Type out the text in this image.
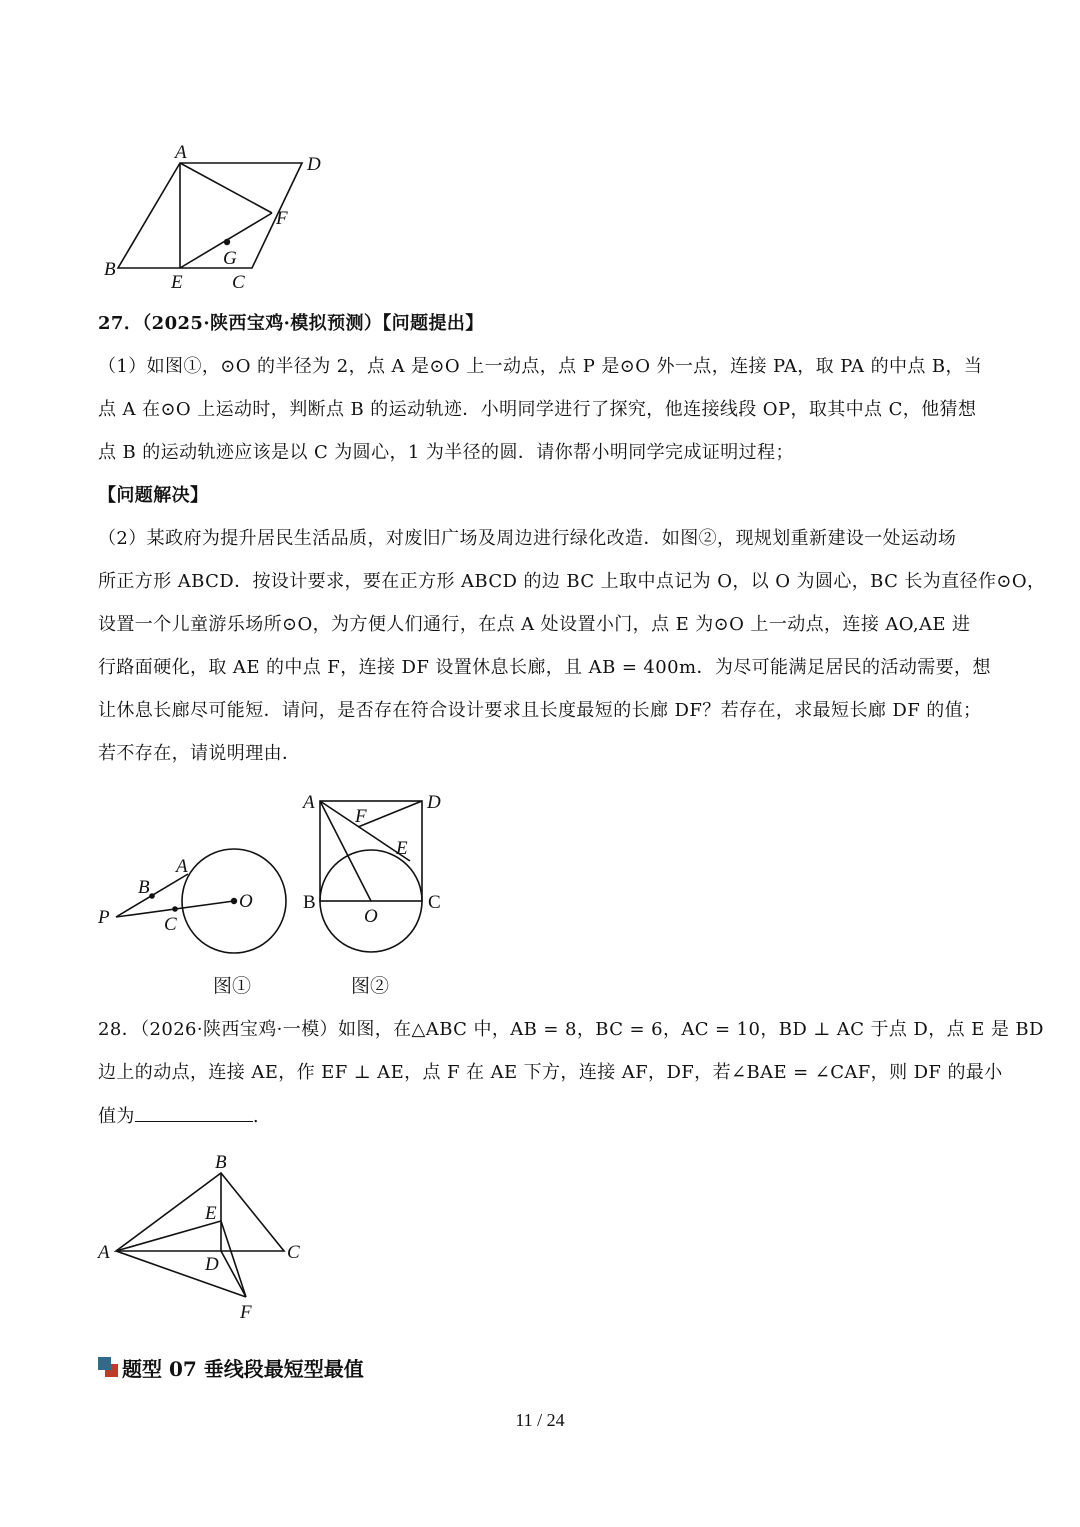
A
D
F
G
B
E	C
27．（2025·陕西宝鸡·模拟预测）【问题提出】
（1）如图①，⊙O 的半径为 2，点 A 是⊙O 上一动点，点 P 是⊙O 外一点，连接 PA，取 PA 的中点 B，当
点 A 在⊙O 上运动时，判断点 B 的运动轨迹．小明同学进行了探究，他连接线段 OP，取其中点 C，他猜想
点 B 的运动轨迹应该是以 C 为圆心，1 为半径的圆．请你帮小明同学完成证明过程；
【问题解决】
（2）某政府为提升居民生活品质，对废旧广场及周边进行绿化改造．如图②，现规划重新建设一处运动场
所正方形 ABCD．按设计要求，要在正方形 ABCD 的边 BC 上取中点记为 O，以 O 为圆心，BC 长为直径作⊙O，
设置一个儿童游乐场所⊙O，为方便人们通行，在点 A 处设置小门，点 E 为⊙O 上一动点，连接 AO,AE 进
行路面硬化，取 AE 的中点 F，连接 DF 设置休息长廊，且 AB = 400m．为尽可能满足居民的活动需要，想
让休息长廊尽可能短．请问，是否存在符合设计要求且长度最短的长廊 DF？若存在，求最短长廊 DF 的值；
若不存在，请说明理由．
A
B
P	C
O
A	D
F
E
B
O
C
图①	图②
28．（2026·陕西宝鸡·一模）如图，在△ABC 中，AB = 8，BC = 6，AC = 10，BD ⊥ AC 于点 D，点 E 是 BD
边上的动点，连接 AE，作 EF ⊥ AE，点 F 在 AE 下方，连接 AF，DF，若∠BAE = ∠CAF，则 DF 的最小
值为	.
B
E
A
D
C
F
题型 07 垂线段最短型最值
11 / 24
